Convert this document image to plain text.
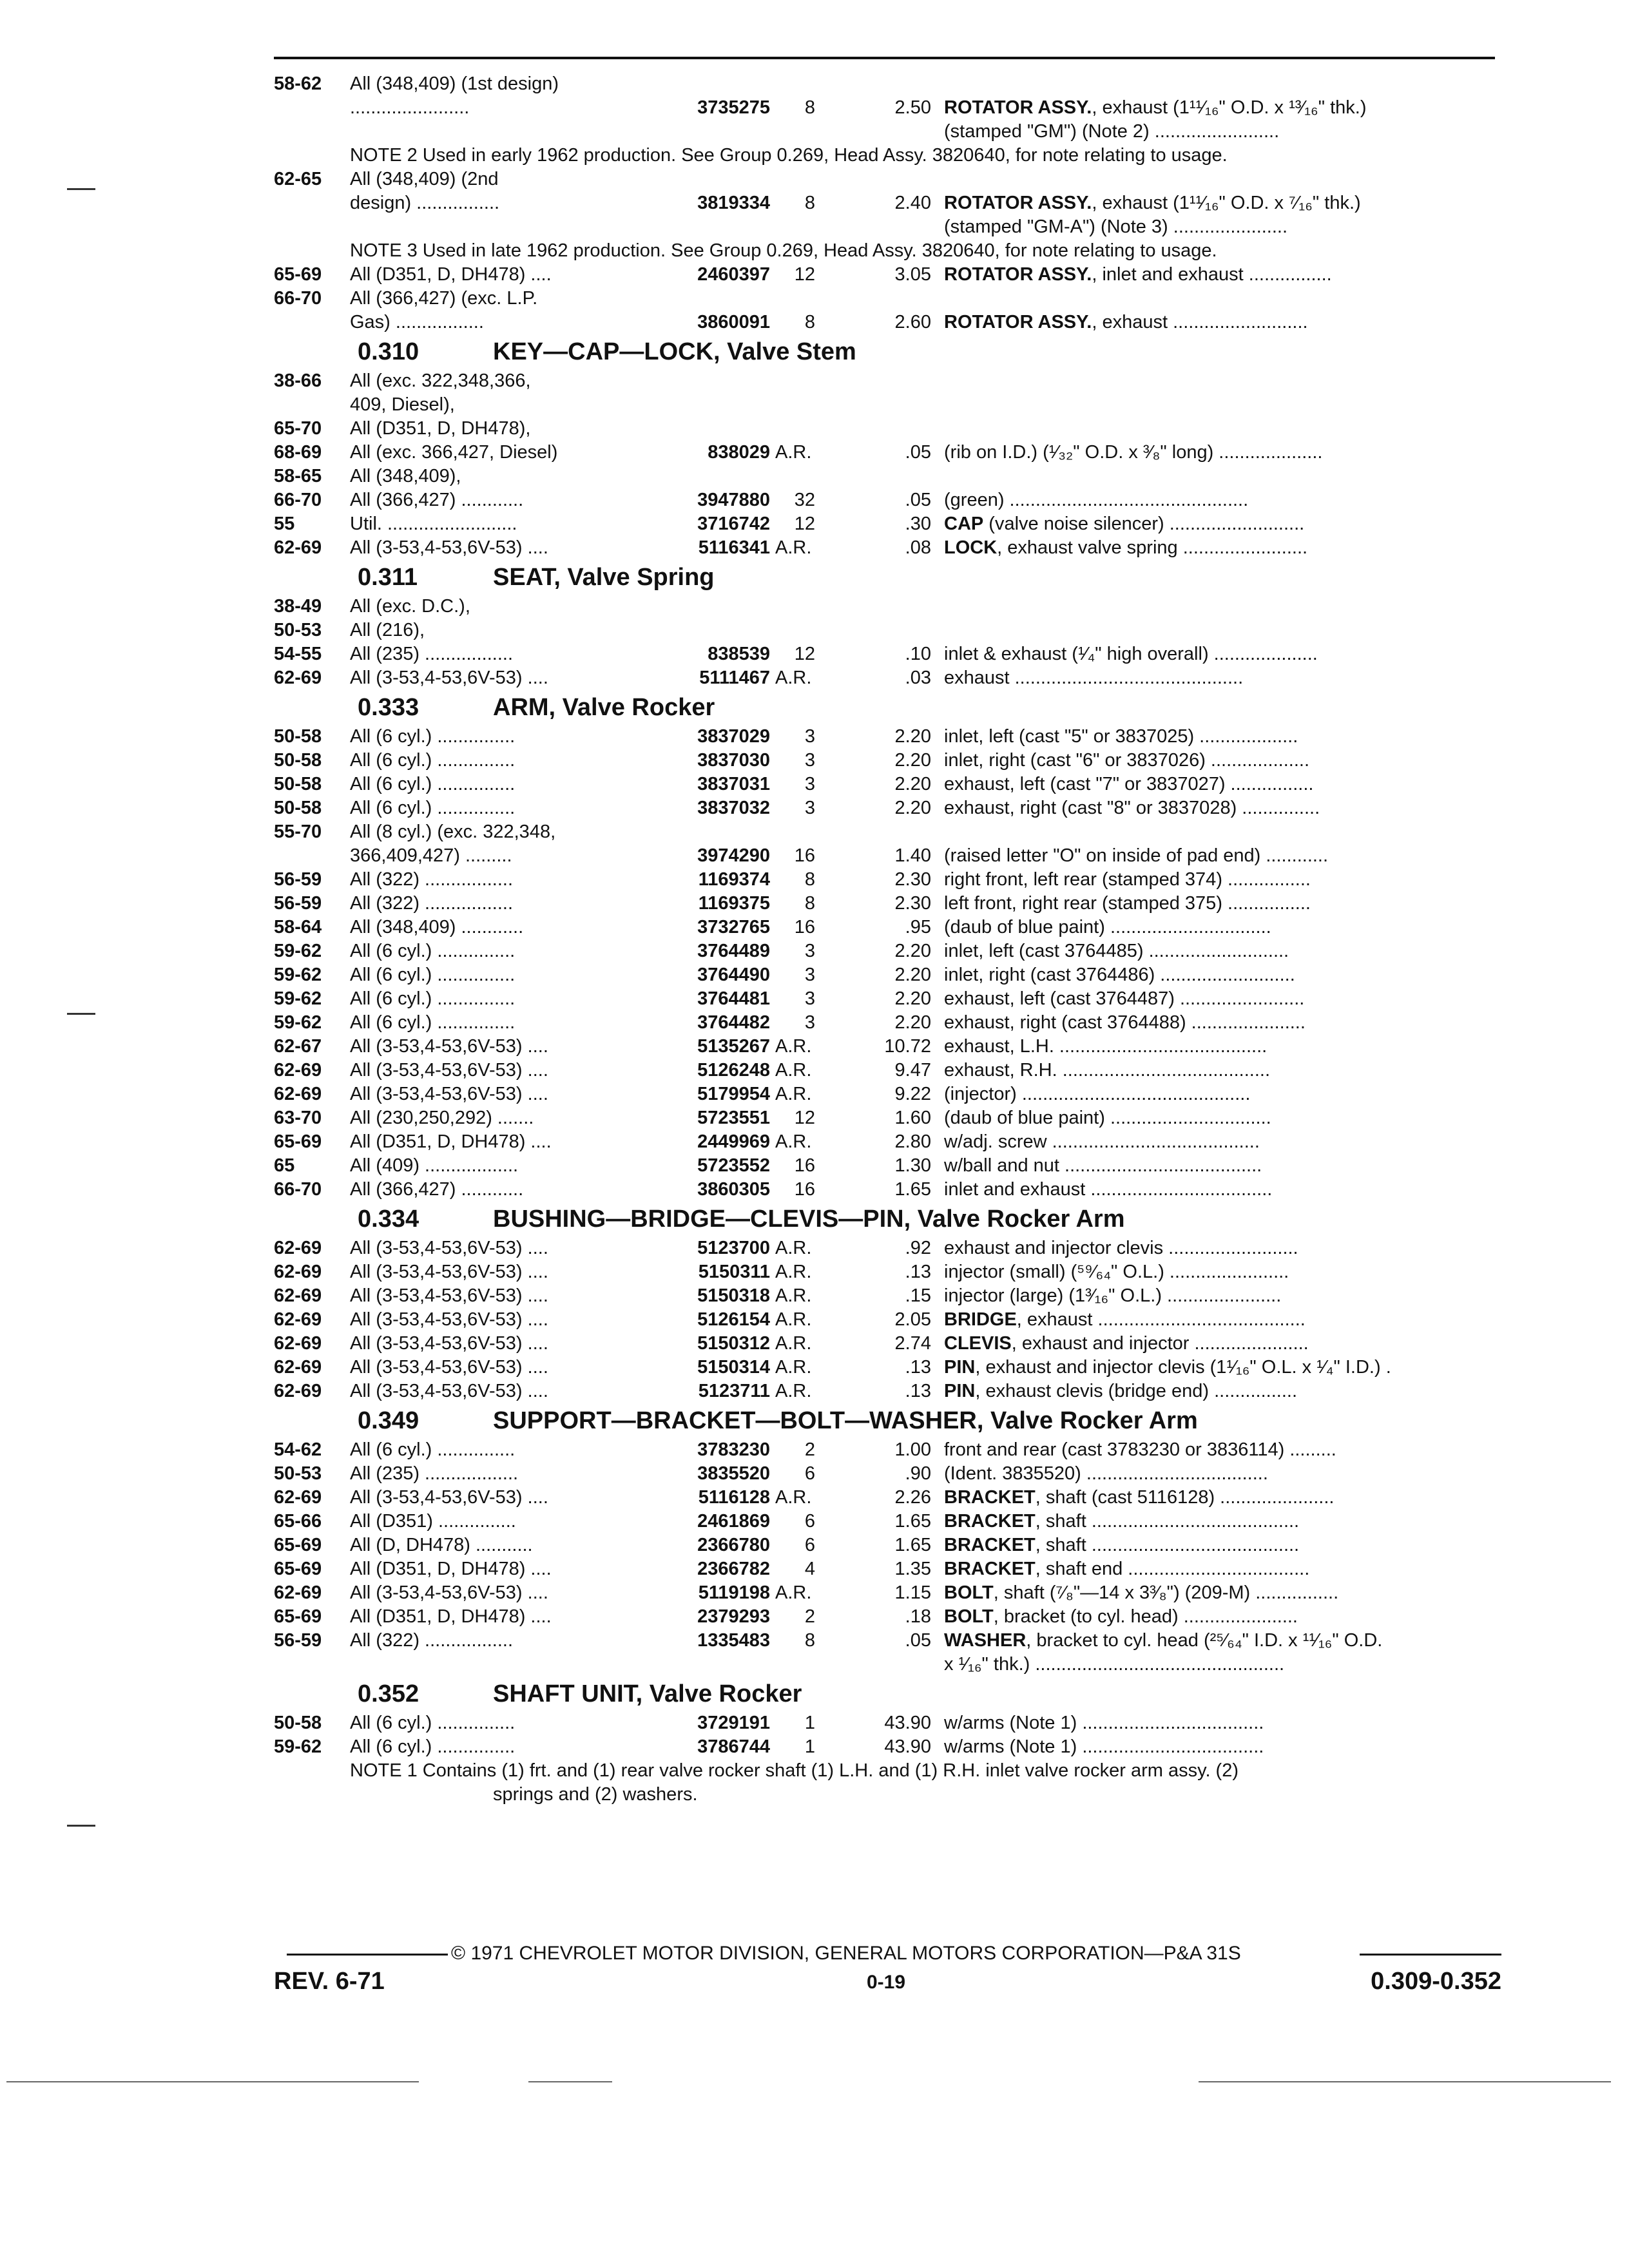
58-62 All (348,409) (1st design)
.......................	3735275	8	2.50 ROTATOR ASSY., exhaust (1¹¹⁄₁₆" O.D. x ¹³⁄₁₆" thk.)
(stamped "GM") (Note 2) ........................
NOTE 2 Used in early 1962 production. See Group 0.269, Head Assy. 3820640, for note relating to usage.
62-65 All (348,409) (2nd
design) ................	3819334	8	2.40 ROTATOR ASSY., exhaust (1¹¹⁄₁₆" O.D. x ⁷⁄₁₆" thk.)
(stamped "GM-A") (Note 3) ......................
NOTE 3 Used in late 1962 production. See Group 0.269, Head Assy. 3820640, for note relating to usage.
65-69 All (D351, D, DH478) ....	2460397	12	3.05 ROTATOR ASSY., inlet and exhaust ................
66-70 All (366,427) (exc. L.P.
Gas) .................	3860091	8	2.60 ROTATOR ASSY., exhaust ..........................
0.310	KEY—CAP—LOCK, Valve Stem
38-66 All (exc. 322,348,366,
409, Diesel),
65-70 All (D351, D, DH478),
68-69 All (exc. 366,427, Diesel)	838029 A.R.	.05 (rib on I.D.) (¹⁄₃₂" O.D. x ³⁄₈" long) ....................
58-65 All (348,409),
66-70 All (366,427) ............	3947880	32	.05 (green) ..............................................
55	Util. .........................	3716742	12	.30 CAP (valve noise silencer) ..........................
62-69 All (3-53,4-53,6V-53) ....	5116341 A.R.	.08 LOCK, exhaust valve spring ........................
0.311	SEAT, Valve Spring
38-49 All (exc. D.C.),
50-53 All (216),
54-55 All (235) .................	838539	12	.10 inlet & exhaust (¹⁄₄" high overall) ....................
62-69 All (3-53,4-53,6V-53) ....	5111467 A.R.	.03 exhaust ............................................
0.333	ARM, Valve Rocker
50-58 All (6 cyl.) ...............	3837029	3	2.20 inlet, left (cast "5" or 3837025) ...................
50-58 All (6 cyl.) ...............	3837030	3	2.20 inlet, right (cast "6" or 3837026) ...................
50-58 All (6 cyl.) ...............	3837031	3	2.20 exhaust, left (cast "7" or 3837027) ................
50-58 All (6 cyl.) ...............	3837032	3	2.20 exhaust, right (cast "8" or 3837028) ...............
55-70 All (8 cyl.) (exc. 322,348,
366,409,427) .........	3974290	16	1.40 (raised letter "O" on inside of pad end) ............
56-59 All (322) .................	1169374	8	2.30 right front, left rear (stamped 374) ................
56-59 All (322) .................	1169375	8	2.30 left front, right rear (stamped 375) ................
58-64 All (348,409) ............	3732765	16	.95 (daub of blue paint) ...............................
59-62 All (6 cyl.) ...............	3764489	3	2.20 inlet, left (cast 3764485) ...........................
59-62 All (6 cyl.) ...............	3764490	3	2.20 inlet, right (cast 3764486) ..........................
59-62 All (6 cyl.) ...............	3764481	3	2.20 exhaust, left (cast 3764487) ........................
59-62 All (6 cyl.) ...............	3764482	3	2.20 exhaust, right (cast 3764488) ......................
62-67 All (3-53,4-53,6V-53) ....	5135267 A.R.	10.72 exhaust, L.H. ........................................
62-69 All (3-53,4-53,6V-53) ....	5126248 A.R.	9.47 exhaust, R.H. ........................................
62-69 All (3-53,4-53,6V-53) ....	5179954 A.R.	9.22 (injector) ............................................
63-70 All (230,250,292) .......	5723551	12	1.60 (daub of blue paint) ...............................
65-69 All (D351, D, DH478) ....	2449969 A.R.	2.80 w/adj. screw ........................................
65	All (409) ..................	5723552	16	1.30 w/ball and nut ......................................
66-70 All (366,427) ............	3860305	16	1.65 inlet and exhaust ...................................
0.334	BUSHING—BRIDGE—CLEVIS—PIN, Valve Rocker Arm
62-69 All (3-53,4-53,6V-53) ....	5123700 A.R.	.92 exhaust and injector clevis .........................
62-69 All (3-53,4-53,6V-53) ....	5150311 A.R.	.13 injector (small) (⁵⁹⁄₆₄" O.L.) .......................
62-69 All (3-53,4-53,6V-53) ....	5150318 A.R.	.15 injector (large) (1³⁄₁₆" O.L.) ......................
62-69 All (3-53,4-53,6V-53) ....	5126154 A.R.	2.05 BRIDGE, exhaust ........................................
62-69 All (3-53,4-53,6V-53) ....	5150312 A.R.	2.74 CLEVIS, exhaust and injector ......................
62-69 All (3-53,4-53,6V-53) ....	5150314 A.R.	.13 PIN, exhaust and injector clevis (1¹⁄₁₆" O.L. x ¹⁄₄" I.D.) .
62-69 All (3-53,4-53,6V-53) ....	5123711 A.R.	.13 PIN, exhaust clevis (bridge end) ................
0.349	SUPPORT—BRACKET—BOLT—WASHER, Valve Rocker Arm
54-62 All (6 cyl.) ...............	3783230	2	1.00 front and rear (cast 3783230 or 3836114) .........
50-53 All (235) ..................	3835520	6	.90 (Ident. 3835520) ...................................
62-69 All (3-53,4-53,6V-53) ....	5116128 A.R.	2.26 BRACKET, shaft (cast 5116128) ......................
65-66 All (D351) ...............	2461869	6	1.65 BRACKET, shaft ........................................
65-69 All (D, DH478) ...........	2366780	6	1.65 BRACKET, shaft ........................................
65-69 All (D351, D, DH478) ....	2366782	4	1.35 BRACKET, shaft end ...................................
62-69 All (3-53,4-53,6V-53) ....	5119198 A.R.	1.15 BOLT, shaft (⁷⁄₈"—14 x 3³⁄₈") (209-M) ................
65-69 All (D351, D, DH478) ....	2379293	2	.18 BOLT, bracket (to cyl. head) ......................
56-59 All (322) .................	1335483	8	.05 WASHER, bracket to cyl. head (²⁵⁄₆₄" I.D. x ¹¹⁄₁₆" O.D.
x ¹⁄₁₆" thk.) ................................................
0.352	SHAFT UNIT, Valve Rocker
50-58 All (6 cyl.) ...............	3729191	1	43.90 w/arms (Note 1) ...................................
59-62 All (6 cyl.) ...............	3786744	1	43.90 w/arms (Note 1) ...................................
NOTE 1 Contains (1) frt. and (1) rear valve rocker shaft (1) L.H. and (1) R.H. inlet valve rocker arm assy. (2)
springs and (2) washers.
© 1971 CHEVROLET MOTOR DIVISION, GENERAL MOTORS CORPORATION—P&A 31S
REV. 6-71	0-19	0.309-0.352
